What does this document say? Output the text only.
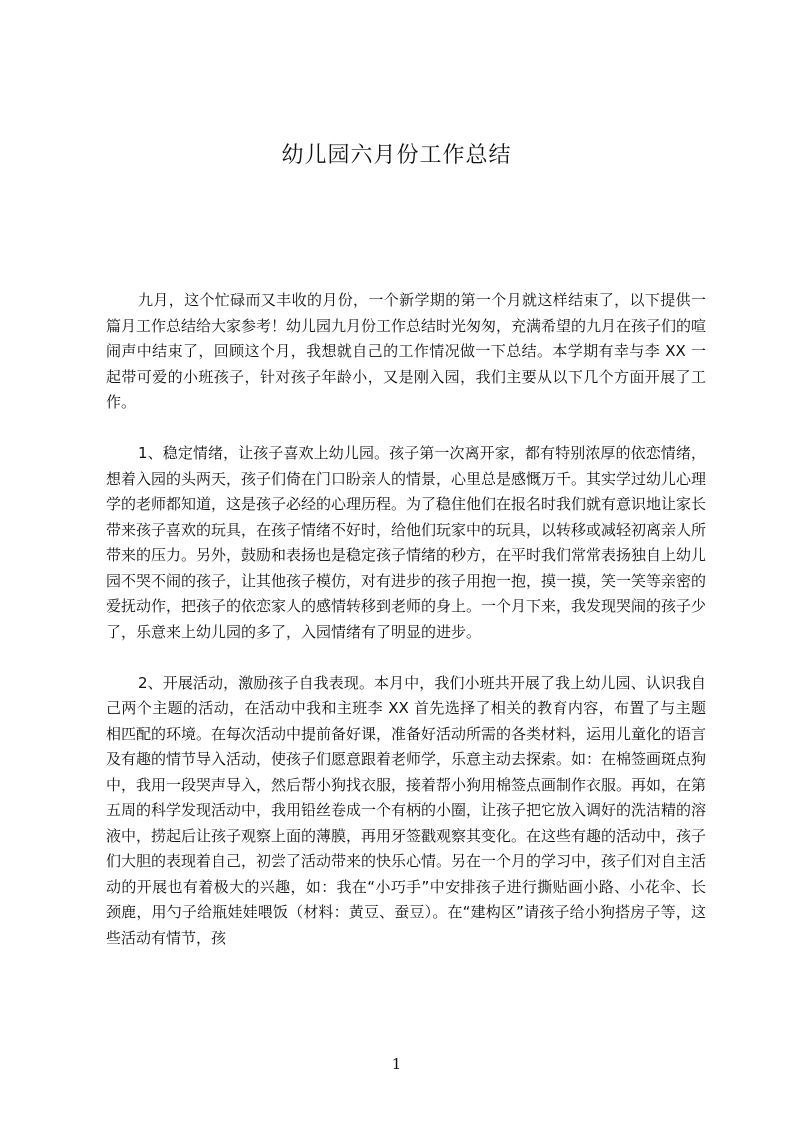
幼儿园六月份工作总结

九月，这个忙碌而又丰收的月份，一个新学期的第一个月就这样结束了，以下提供一篇月工作总结给大家参考！幼儿园九月份工作总结时光匆匆，充满希望的九月在孩子们的喧闹声中结束了，回顾这个月，我想就自己的工作情况做一下总结。本学期有幸与李 XX 一起带可爱的小班孩子，针对孩子年龄小，又是刚入园，我们主要从以下几个方面开展了工作。

1、稳定情绪，让孩子喜欢上幼儿园。孩子第一次离开家，都有特别浓厚的依恋情绪，想着入园的头两天，孩子们倚在门口盼亲人的情景，心里总是感慨万千。其实学过幼儿心理学的老师都知道，这是孩子必经的心理历程。为了稳住他们在报名时我们就有意识地让家长带来孩子喜欢的玩具，在孩子情绪不好时，给他们玩家中的玩具，以转移或减轻初离亲人所带来的压力。另外，鼓励和表扬也是稳定孩子情绪的秒方，在平时我们常常表扬独自上幼儿园不哭不闹的孩子，让其他孩子模仿，对有进步的孩子用抱一抱，摸一摸，笑一笑等亲密的爱抚动作，把孩子的依恋家人的感情转移到老师的身上。一个月下来，我发现哭闹的孩子少了，乐意来上幼儿园的多了，入园情绪有了明显的进步。

2、开展活动，激励孩子自我表现。本月中，我们小班共开展了我上幼儿园、认识我自己两个主题的活动，在活动中我和主班李 XX 首先选择了相关的教育内容，布置了与主题相匹配的环境。在每次活动中提前备好课，准备好活动所需的各类材料，运用儿童化的语言及有趣的情节导入活动，使孩子们愿意跟着老师学，乐意主动去探索。如：在棉签画斑点狗中，我用一段哭声导入，然后帮小狗找衣服，接着帮小狗用棉签点画制作衣服。再如，在第五周的科学发现活动中，我用铅丝卷成一个有柄的小圈，让孩子把它放入调好的洗洁精的溶液中，捞起后让孩子观察上面的薄膜，再用牙签戳观察其变化。在这些有趣的活动中，孩子们大胆的表现着自己，初尝了活动带来的快乐心情。另在一个月的学习中，孩子们对自主活动的开展也有着极大的兴趣，如：我在“小巧手”中安排孩子进行撕贴画小路、小花伞、长颈鹿，用勺子给瓶娃娃喂饭（材料：黄豆、蚕豆）。在“建构区”请孩子给小狗搭房子等，这些活动有情节，孩

1
